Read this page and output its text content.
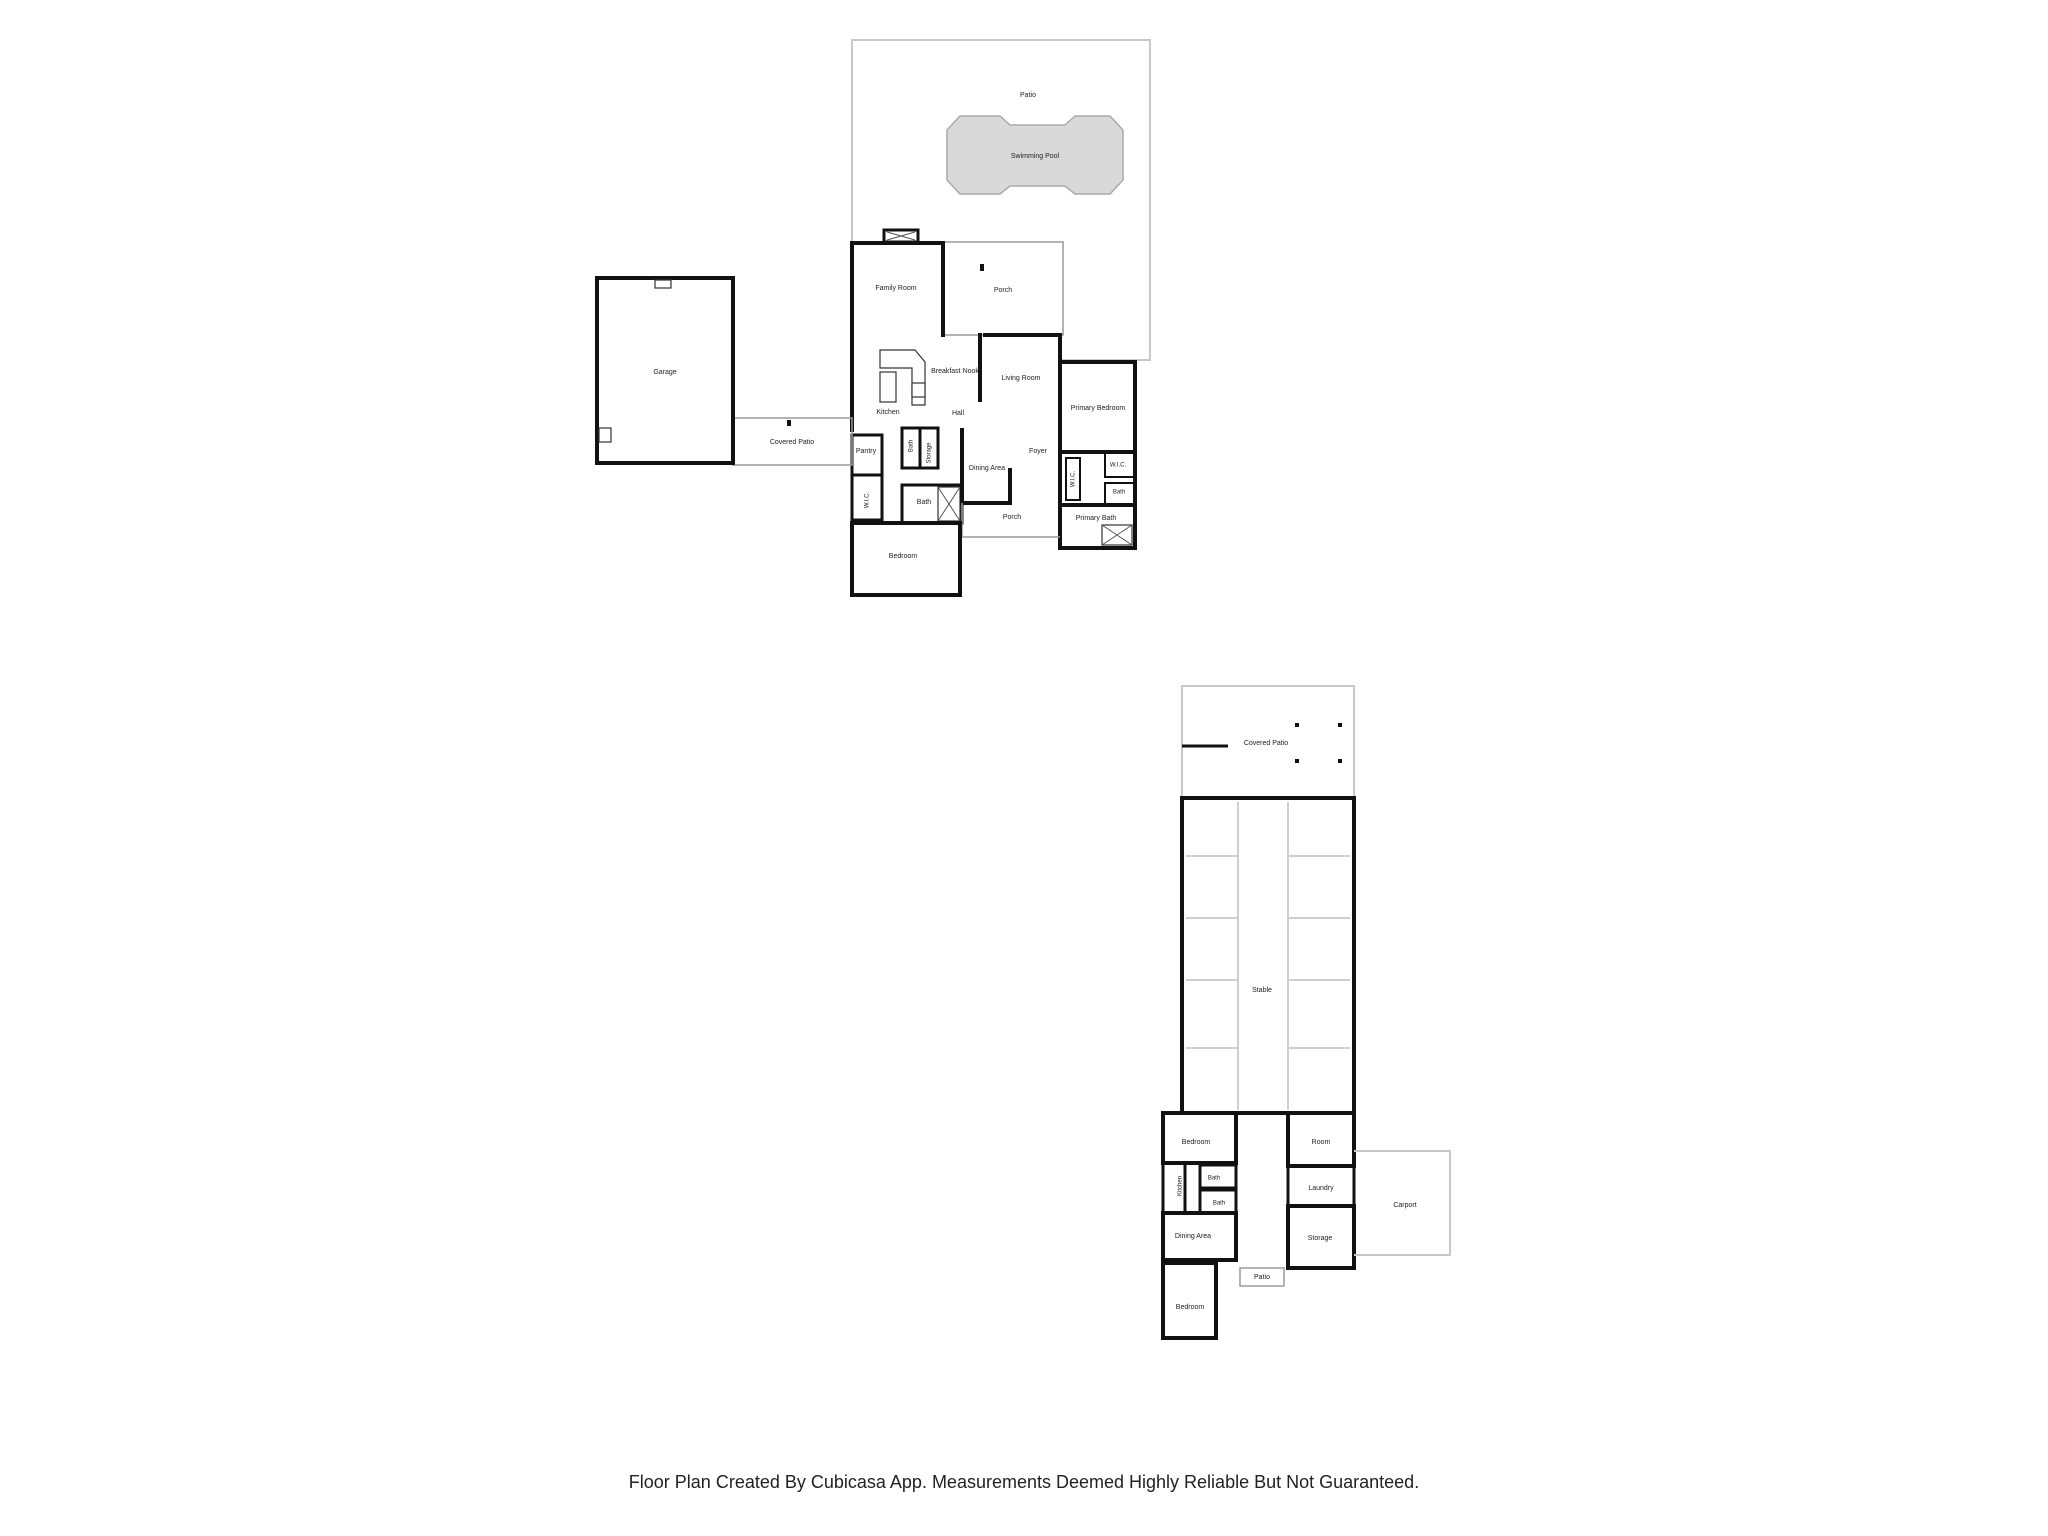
Patio
Swimming Pool
Family Room	Porch
Garage
Covered Patio
Breakfast Nook
Living Room
Primary Bedroom
Kitchen	Hall
Pantry	Bath Storage
Dining Area
Foyer
W.I.C.	Bath
W.I.C.
Bath
Primary Bath
W.I.C.
Porch
Bedroom
Covered Patio
Stable
Bedroom	Room
Kitchen	Bath
Bath
Laundry
Carport
Dining Area	Storage
Patio
Bedroom
Floor Plan Created By Cubicasa App. Measurements Deemed Highly Reliable But Not Guaranteed.
